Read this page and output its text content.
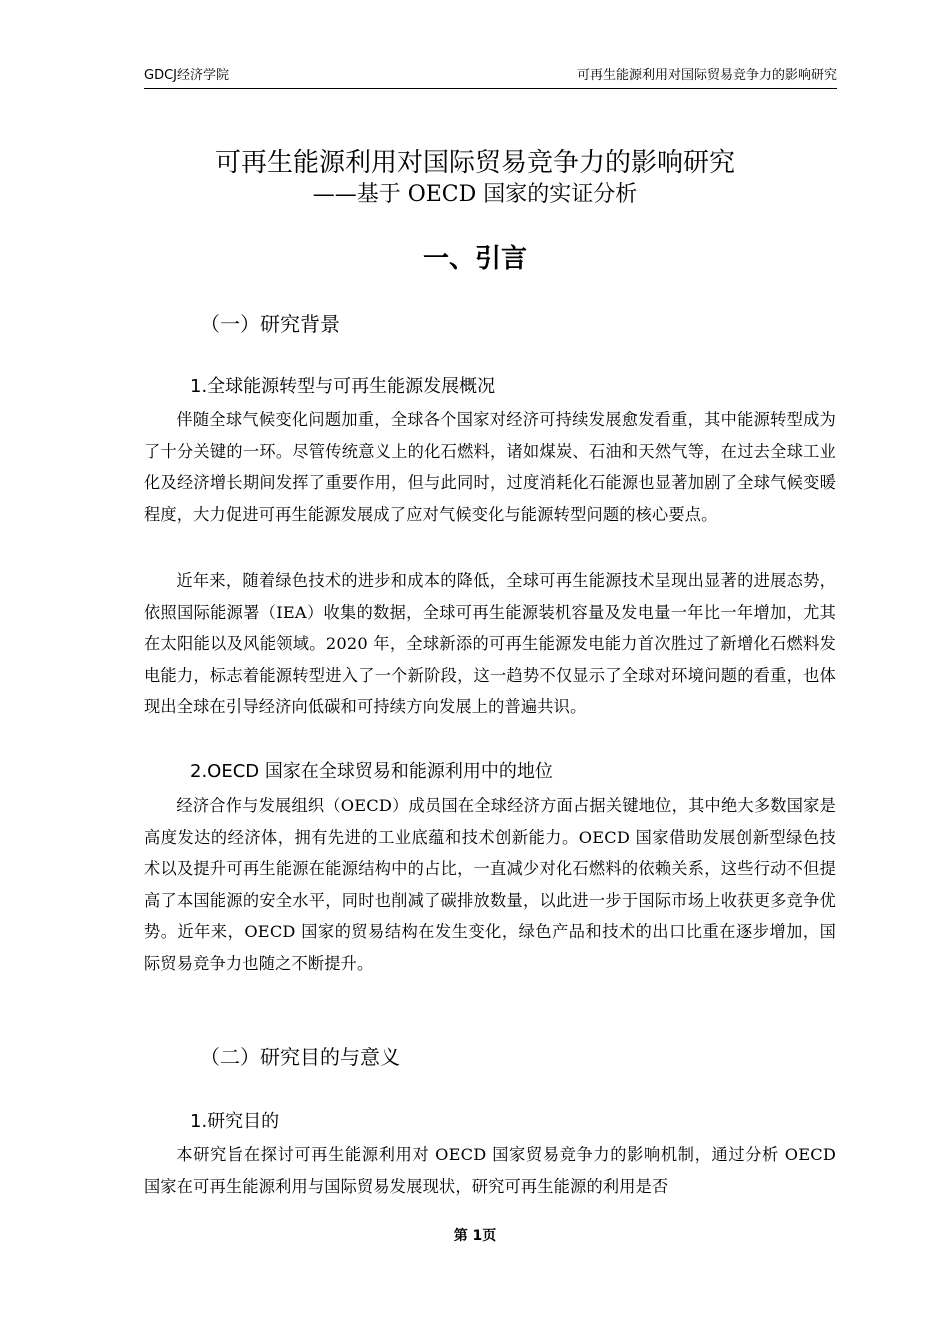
GDCJ经济学院	可再生能源利用对国际贸易竞争力的影响研究
可再生能源利用对国际贸易竞争力的影响研究
——基于 OECD 国家的实证分析
一、引言
（一）研究背景
1.全球能源转型与可再生能源发展概况

伴随全球气候变化问题加重，全球各个国家对经济可持续发展愈发看重，其中能源转型成为了十分关键的一环。尽管传统意义上的化石燃料，诸如煤炭、石油和天然气等，在过去全球工业化及经济增长期间发挥了重要作用，但与此同时，过度消耗化石能源也显著加剧了全球气候变暖程度，大力促进可再生能源发展成了应对气候变化与能源转型问题的核心要点。

近年来，随着绿色技术的进步和成本的降低，全球可再生能源技术呈现出显著的进展态势，依照国际能源署（IEA）收集的数据，全球可再生能源装机容量及发电量一年比一年增加，尤其在太阳能以及风能领域。2020 年，全球新添的可再生能源发电能力首次胜过了新增化石燃料发电能力，标志着能源转型进入了一个新阶段，这一趋势不仅显示了全球对环境问题的看重，也体现出全球在引导经济向低碳和可持续方向发展上的普遍共识。

2.OECD 国家在全球贸易和能源利用中的地位

经济合作与发展组织（OECD）成员国在全球经济方面占据关键地位，其中绝大多数国家是高度发达的经济体，拥有先进的工业底蕴和技术创新能力。OECD 国家借助发展创新型绿色技术以及提升可再生能源在能源结构中的占比，一直减少对化石燃料的依赖关系，这些行动不但提高了本国能源的安全水平，同时也削减了碳排放数量，以此进一步于国际市场上收获更多竞争优势。近年来，OECD 国家的贸易结构在发生变化，绿色产品和技术的出口比重在逐步增加，国际贸易竞争力也随之不断提升。

（二）研究目的与意义
1.研究目的

本研究旨在探讨可再生能源利用对 OECD 国家贸易竞争力的影响机制，通过分析 OECD 国家在可再生能源利用与国际贸易发展现状，研究可再生能源的利用是否

第 1页
